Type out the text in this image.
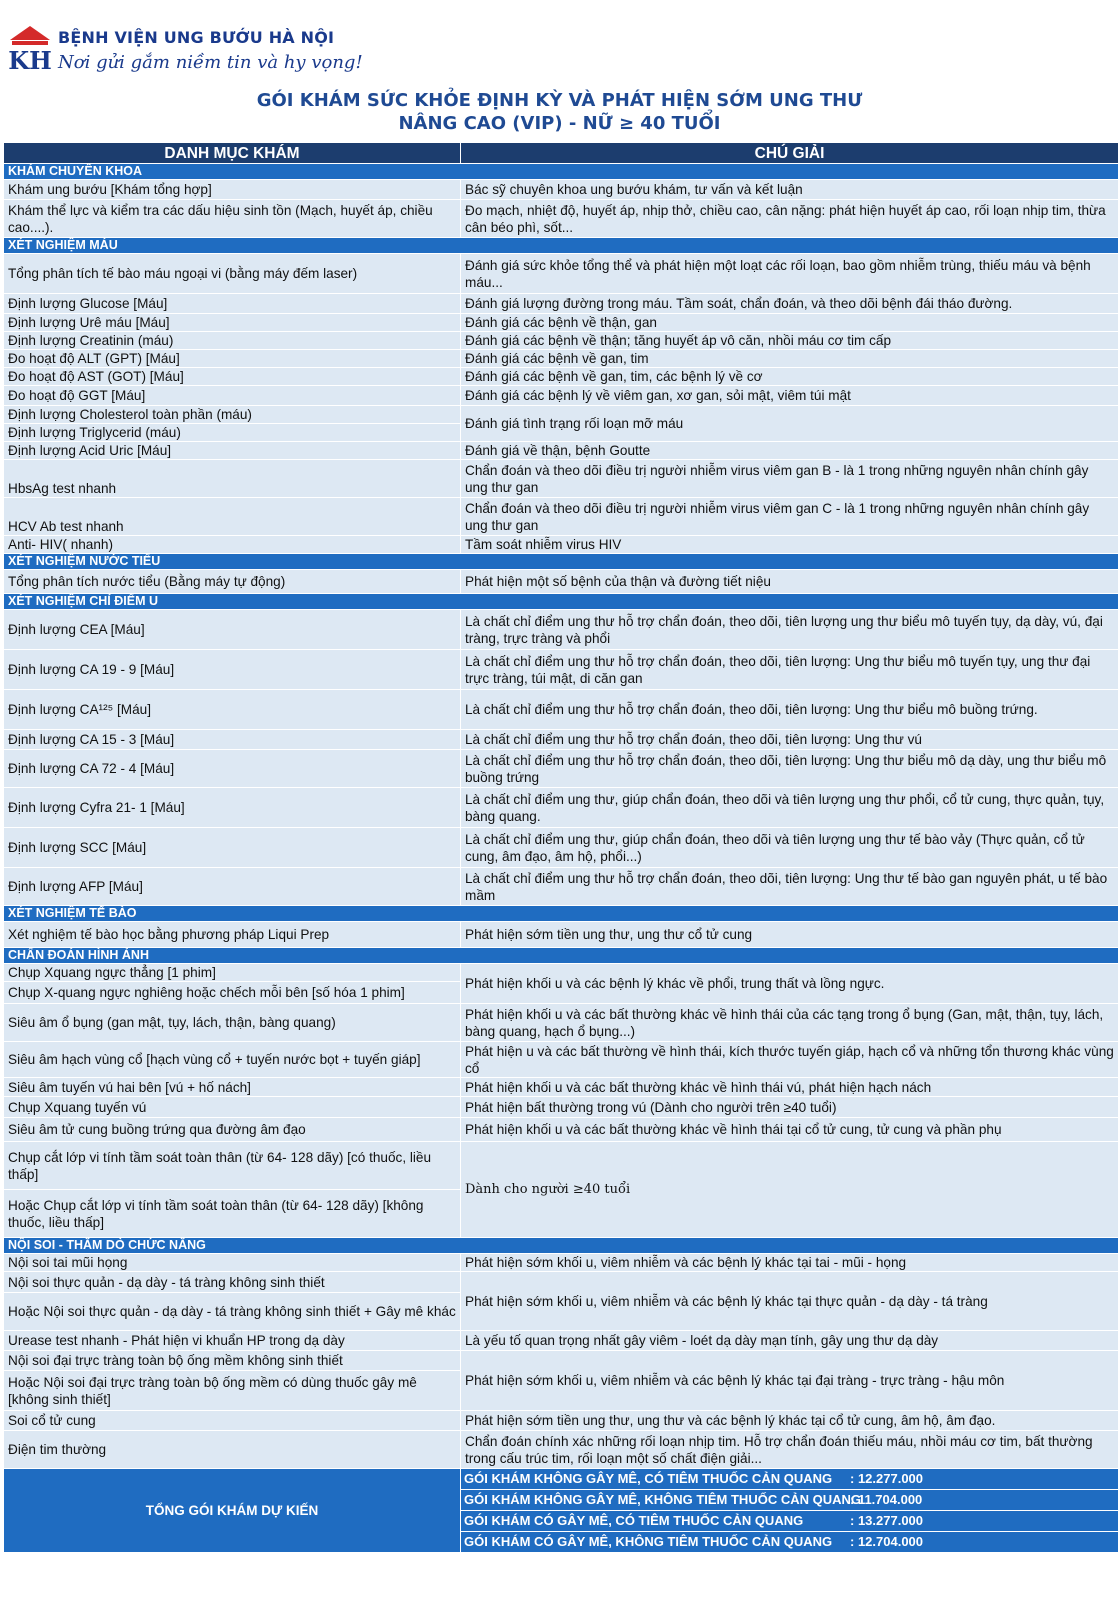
KH
BỆNH VIỆN UNG BƯỚU HÀ NỘI
Nơi gửi gắm niềm tin và hy vọng!
GÓI KHÁM SỨC KHỎE ĐỊNH KỲ VÀ PHÁT HIỆN SỚM UNG THƯ
NÂNG CAO (VIP) - NỮ ≥ 40 TUỔI
DANH MỤC KHÁM	CHÚ GIẢI
KHÁM CHUYÊN KHOA	
Khám ung bướu [Khám tổng hợp]	Bác sỹ chuyên khoa ung bướu khám, tư vấn và kết luận
Khám thể lực và kiểm tra các dấu hiệu sinh tồn (Mạch, huyết áp, chiều cao....).	Đo mạch, nhiệt độ, huyết áp, nhịp thở, chiều cao, cân nặng: phát hiện huyết áp cao, rối loạn nhịp tim, thừa cân béo phì, sốt...
XÉT NGHIỆM MÁU	
Tổng phân tích tế bào máu ngoại vi (bằng máy đếm laser)	Đánh giá sức khỏe tổng thể và phát hiện một loạt các rối loạn, bao gồm nhiễm trùng, thiếu máu và bệnh máu...
Định lượng Glucose [Máu]	Đánh giá lượng đường trong máu. Tầm soát, chẩn đoán, và theo dõi bệnh đái tháo đường.
Định lượng Urê máu [Máu]	Đánh giá các bệnh về thận, gan
Định lượng Creatinin (máu)	Đánh giá các bệnh về thận; tăng huyết áp vô căn, nhồi máu cơ tim cấp
Đo hoạt độ ALT (GPT) [Máu]	Đánh giá các bệnh về gan, tim
Đo hoạt độ AST (GOT) [Máu]	Đánh giá các bệnh về gan, tim, các bệnh lý về cơ
Đo hoạt độ GGT [Máu]	Đánh giá các bệnh lý về viêm gan, xơ gan, sỏi mật, viêm túi mật
Định lượng Cholesterol toàn phần (máu)	Đánh giá tình trạng rối loạn mỡ máu
Định lượng Triglycerid (máu)	
Định lượng Acid Uric [Máu]	Đánh giá về thận, bệnh Goutte
HbsAg test nhanh	Chẩn đoán và theo dõi điều trị người nhiễm virus viêm gan B - là 1 trong những nguyên nhân chính gây ung thư gan
HCV Ab test nhanh	Chẩn đoán và theo dõi điều trị người nhiễm virus viêm gan C - là 1 trong những nguyên nhân chính gây ung thư gan
Anti- HIV( nhanh)	Tầm soát nhiễm virus HIV
XÉT NGHIỆM NƯỚC TIỂU	
Tổng phân tích nước tiểu (Bằng máy tự động)	Phát hiện một số bệnh của thận và đường tiết niệu
XÉT NGHIỆM CHỈ ĐIỂM U	
Định lượng CEA [Máu]	Là chất chỉ điểm ung thư hỗ trợ chẩn đoán, theo dõi, tiên lượng ung thư biểu mô tuyến tụy, dạ dày, vú, đại tràng, trực tràng và phổi
Định lượng CA 19 - 9 [Máu]	Là chất chỉ điểm ung thư hỗ trợ chẩn đoán, theo dõi, tiên lượng: Ung thư biểu mô tuyến tụy, ung thư đại trực tràng, túi mật, di căn gan
Định lượng CA¹²⁵ [Máu]	Là chất chỉ điểm ung thư hỗ trợ chẩn đoán, theo dõi, tiên lượng: Ung thư biểu mô buồng trứng.
Định lượng CA 15 - 3 [Máu]	Là chất chỉ điểm ung thư hỗ trợ chẩn đoán, theo dõi, tiên lượng: Ung thư vú
Định lượng CA 72 - 4 [Máu]	Là chất chỉ điểm ung thư hỗ trợ chẩn đoán, theo dõi, tiên lượng: Ung thư biểu mô dạ dày, ung thư biểu mô buồng trứng
Định lượng Cyfra 21- 1 [Máu]	Là chất chỉ điểm ung thư, giúp chẩn đoán, theo dõi và tiên lượng ung thư phổi, cổ tử cung, thực quản, tụy, bàng quang.
Định lượng SCC [Máu]	Là chất chỉ điểm ung thư, giúp chẩn đoán, theo dõi và tiên lượng ung thư tế bào vảy (Thực quản, cổ tử cung, âm đạo, âm hộ, phổi...)
Định lượng AFP [Máu]	Là chất chỉ điểm ung thư hỗ trợ chẩn đoán, theo dõi, tiên lượng: Ung thư tế bào gan nguyên phát, u tế bào mầm
XÉT NGHIỆM TẾ BÀO	
Xét nghiệm tế bào học bằng phương pháp Liqui Prep	Phát hiện sớm tiền ung thư, ung thư cổ tử cung
CHẨN ĐOÁN HÌNH ẢNH	
Chụp Xquang ngực thẳng [1 phim]	Phát hiện khối u và các bệnh lý khác về phổi, trung thất và lồng ngực.
Chụp X-quang ngực nghiêng hoặc chếch mỗi bên [số hóa 1 phim]	
Siêu âm ổ bụng (gan mật, tụy, lách, thận, bàng quang)	Phát hiện khối u và các bất thường khác về hình thái của các tạng trong ổ bụng (Gan, mật, thận, tụy, lách, bàng quang, hạch ổ bụng...)
Siêu âm hạch vùng cổ [hạch vùng cổ + tuyến nước bọt + tuyến giáp]	Phát hiện u và các bất thường về hình thái, kích thước tuyến giáp, hạch cổ và những tổn thương khác vùng cổ
Siêu âm tuyến vú hai bên [vú + hố nách]	Phát hiện khối u và các bất thường khác về hình thái vú, phát hiện hạch nách
Chụp Xquang tuyến vú	Phát hiện bất thường trong vú (Dành cho người trên ≥40 tuổi)
Siêu âm tử cung buồng trứng qua đường âm đạo	Phát hiện khối u và các bất thường khác về hình thái tại cổ tử cung, tử cung và phần phụ
Chụp cắt lớp vi tính tầm soát toàn thân (từ 64- 128 dãy) [có thuốc, liều thấp]	Dành cho người ≥40 tuổi
Hoặc Chụp cắt lớp vi tính tầm soát toàn thân (từ 64- 128 dãy) [không thuốc, liều thấp]	
NỘI SOI - THĂM DÒ CHỨC NĂNG	
Nội soi tai mũi họng	Phát hiện sớm khối u, viêm nhiễm và các bệnh lý khác tại tai - mũi - họng
Nội soi thực quản - dạ dày - tá tràng không sinh thiết	Phát hiện sớm khối u, viêm nhiễm và các bệnh lý khác tại thực quản - dạ dày - tá tràng
Hoặc Nội soi thực quản - dạ dày - tá tràng không sinh thiết + Gây mê khác	
Urease test nhanh - Phát hiện vi khuẩn HP trong dạ dày	Là yếu tố quan trọng nhất gây viêm - loét dạ dày mạn tính, gây ung thư dạ dày
Nội soi đại trực tràng toàn bộ ống mềm không sinh thiết	Phát hiện sớm khối u, viêm nhiễm và các bệnh lý khác tại đại tràng - trực tràng - hậu môn
Hoặc Nội soi đại trực tràng toàn bộ ống mềm có dùng thuốc gây mê [không sinh thiết]	
Soi cổ tử cung	Phát hiện sớm tiền ung thư, ung thư và các bệnh lý khác tại cổ tử cung, âm hộ, âm đạo.
Điện tim thường	Chẩn đoán chính xác những rối loạn nhịp tim. Hỗ trợ chẩn đoán thiếu máu, nhồi máu cơ tim, bất thường trong cấu trúc tim, rối loạn một số chất điện giải...
TỔNG GÓI KHÁM DỰ KIẾN	GÓI KHÁM KHÔNG GÂY MÊ, CÓ TIÊM THUỐC CẢN QUANG : 12.277.000
	GÓI KHÁM KHÔNG GÂY MÊ, KHÔNG TIÊM THUỐC CẢN QUANG: 11.704.000
	GÓI KHÁM CÓ GÂY MÊ, CÓ TIÊM THUỐC CẢN QUANG : 13.277.000
	GÓI KHÁM CÓ GÂY MÊ, KHÔNG TIÊM THUỐC CẢN QUANG : 12.704.000
